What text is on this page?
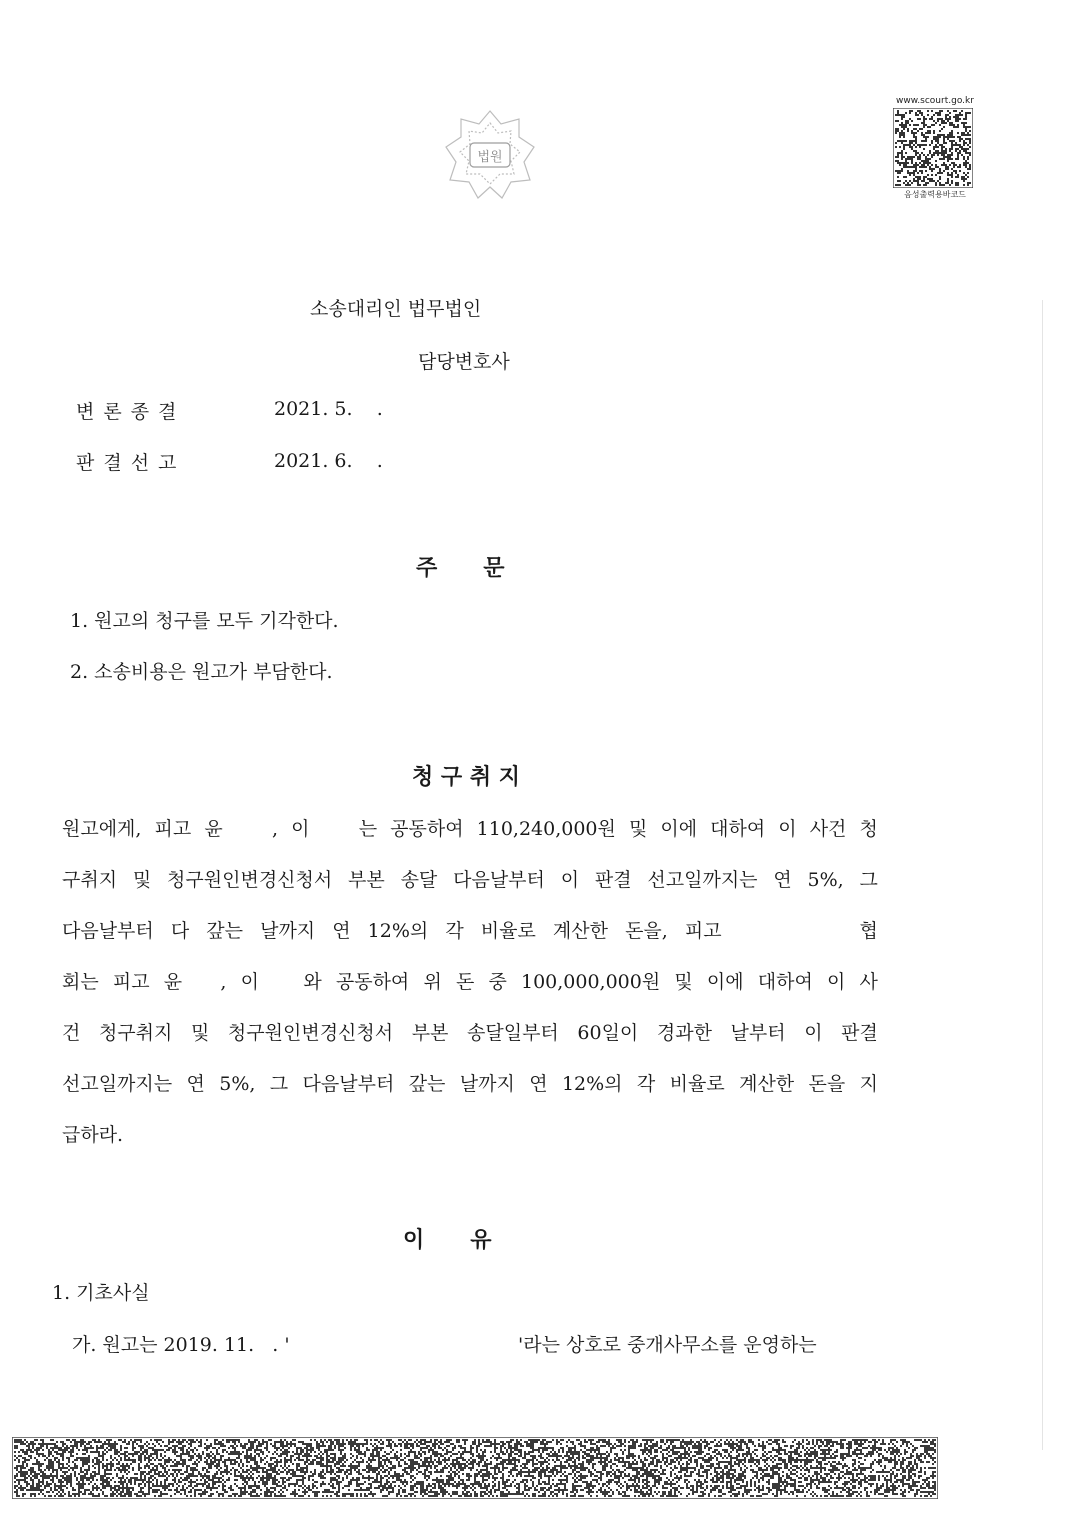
법원
www.scourt.go.kr
음성출력용바코드
소송대리인 법무법인
담당변호사
변론종결	2021. 5.    .
판결선고	2021. 6.    .
주      문
1. 원고의 청구를 모두 기각한다.
2. 소송비용은 원고가 부담한다.
청 구 취 지
원고에게, 피고 윤 , 이 는 공동하여 110,240,000원 및 이에 대하여 이 사건 청
구취지 및 청구원인변경신청서 부본 송달 다음날부터 이 판결 선고일까지는 연 5%, 그
다음날부터 다 갚는 날까지 연 12%의 각 비율로 계산한 돈을, 피고 협
회는 피고 윤 , 이 와 공동하여 위 돈 중 100,000,000원 및 이에 대하여 이 사
건 청구취지 및 청구원인변경신청서 부본 송달일부터 60일이 경과한 날부터 이 판결
선고일까지는 연 5%, 그 다음날부터 갚는 날까지 연 12%의 각 비율로 계산한 돈을 지
급하라.
이      유
1. 기초사실
가. 원고는 2019. 11.   . '	'라는 상호로 중개사무소를 운영하는
